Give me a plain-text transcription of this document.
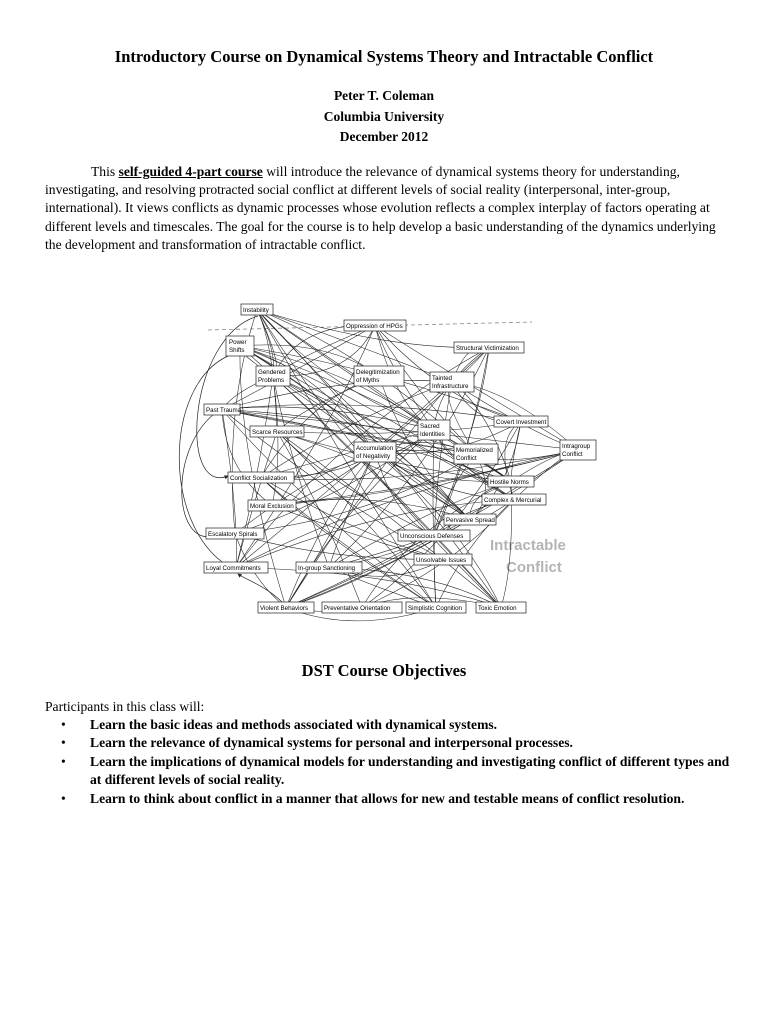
Introductory Course on Dynamical Systems Theory and Intractable Conflict
Peter T. Coleman
Columbia University
December 2012

This self-guided 4-part course will introduce the relevance of dynamical systems theory for understanding, investigating, and resolving protracted social conflict at different levels of social reality (interpersonal, inter-group, international). It views conflicts as dynamic processes whose evolution reflects a complex interplay of factors operating at different levels and timescales. The goal for the course is to help develop a basic understanding of the dynamics underlying the development and transformation of intractable conflict.

Intractable
Conflict
Instability
Oppression of HPGs
Power
Shifts	Structural Victimization
Gendered
Problems
Delegitimization
of Myths	Tainted
Infrastructure
Past Trauma
Scarce Resources
Sacred
Identities
Covert Investment
Intragroup
Conflict
Accumulation
of Negativity
Memorialized
Conflict
Conflict Socialization
Hostile Norms
Moral Exclusion
Complex & Mercurial
Pervasive Spread
Escalatory Spirals	Unconscious Defenses
Unsolvable Issues
Loyal Commitments	In-group Sanctioning
Violent Behaviors	Preventative Orientation	Simplistic Cognition	Toxic Emotion
DST Course Objectives

Participants in this class will:

• Learn the basic ideas and methods associated with dynamical systems.
• Learn the relevance of dynamical systems for personal and interpersonal processes.
• Learn the implications of dynamical models for understanding and investigating conflict of different types and at different levels of social reality.
• Learn to think about conflict in a manner that allows for new and testable means of conflict resolution.
